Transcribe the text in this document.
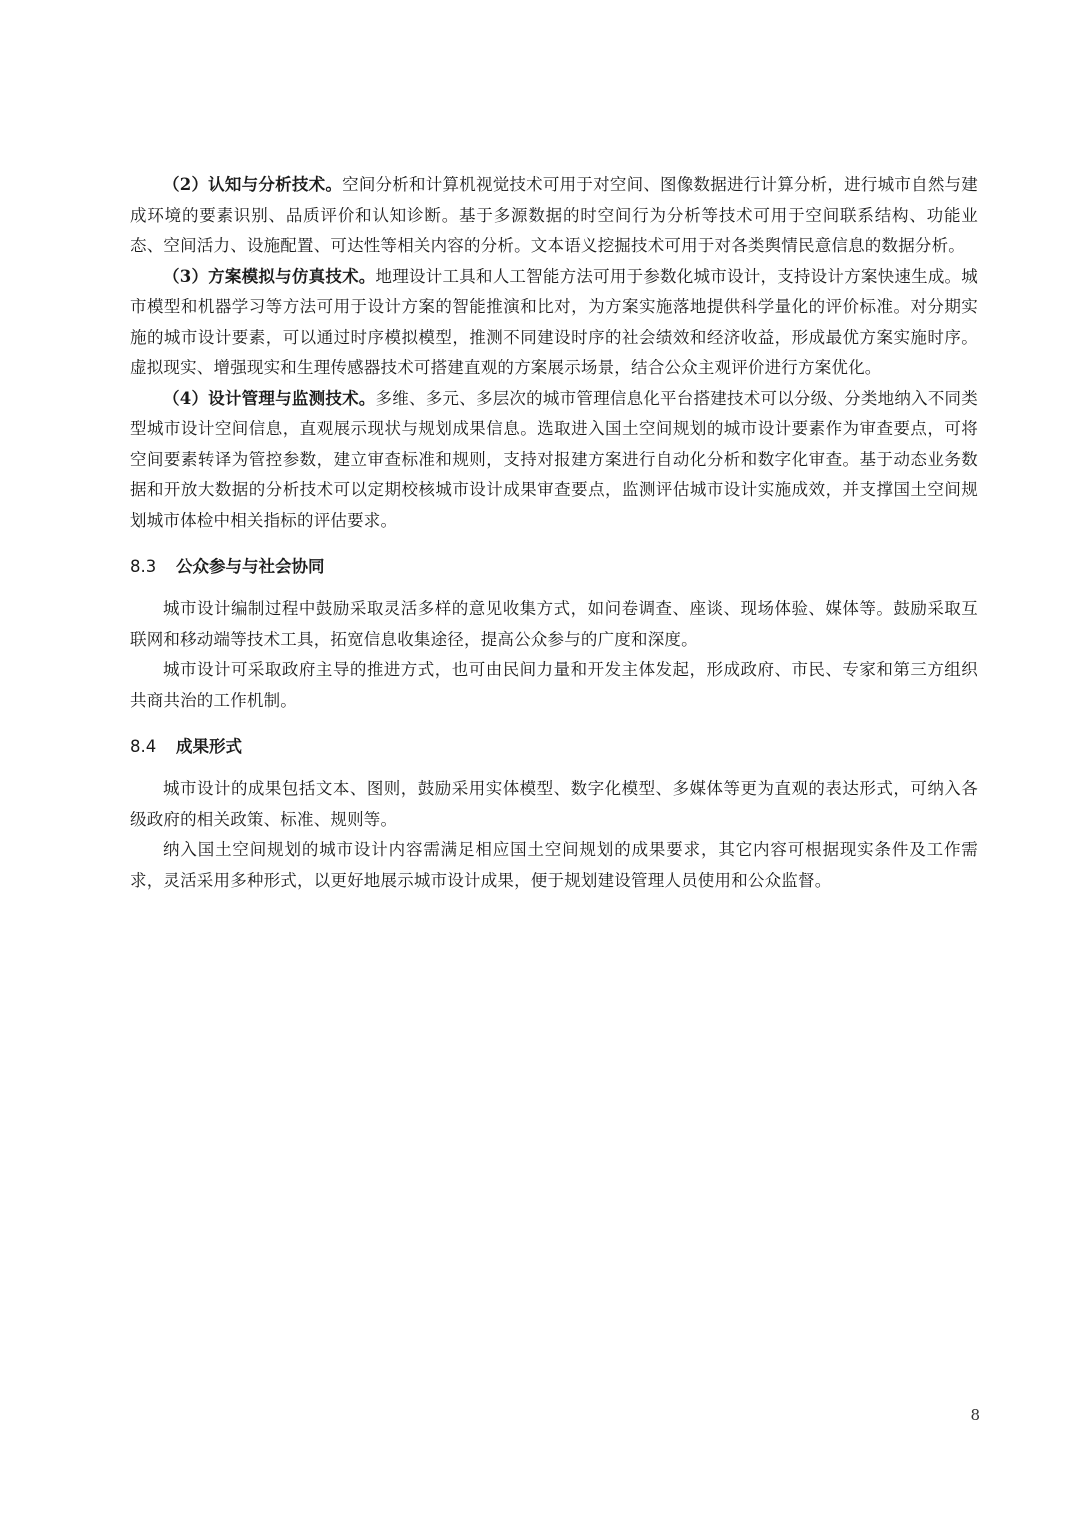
（2）认知与分析技术。空间分析和计算机视觉技术可用于对空间、图像数据进行计算分析，进行城市自然与建成环境的要素识别、品质评价和认知诊断。基于多源数据的时空间行为分析等技术可用于空间联系结构、功能业态、空间活力、设施配置、可达性等相关内容的分析。文本语义挖掘技术可用于对各类舆情民意信息的数据分析。

（3）方案模拟与仿真技术。地理设计工具和人工智能方法可用于参数化城市设计，支持设计方案快速生成。城市模型和机器学习等方法可用于设计方案的智能推演和比对，为方案实施落地提供科学量化的评价标准。对分期实施的城市设计要素，可以通过时序模拟模型，推测不同建设时序的社会绩效和经济收益，形成最优方案实施时序。虚拟现实、增强现实和生理传感器技术可搭建直观的方案展示场景，结合公众主观评价进行方案优化。

（4）设计管理与监测技术。多维、多元、多层次的城市管理信息化平台搭建技术可以分级、分类地纳入不同类型城市设计空间信息，直观展示现状与规划成果信息。选取进入国土空间规划的城市设计要素作为审查要点，可将空间要素转译为管控参数，建立审查标准和规则，支持对报建方案进行自动化分析和数字化审查。基于动态业务数据和开放大数据的分析技术可以定期校核城市设计成果审查要点，监测评估城市设计实施成效，并支撑国土空间规划城市体检中相关指标的评估要求。

8.3 公众参与与社会协同

城市设计编制过程中鼓励采取灵活多样的意见收集方式，如问卷调查、座谈、现场体验、媒体等。鼓励采取互联网和移动端等技术工具，拓宽信息收集途径，提高公众参与的广度和深度。

城市设计可采取政府主导的推进方式，也可由民间力量和开发主体发起，形成政府、市民、专家和第三方组织共商共治的工作机制。

8.4 成果形式

城市设计的成果包括文本、图则，鼓励采用实体模型、数字化模型、多媒体等更为直观的表达形式，可纳入各级政府的相关政策、标准、规则等。

纳入国土空间规划的城市设计内容需满足相应国土空间规划的成果要求，其它内容可根据现实条件及工作需求，灵活采用多种形式，以更好地展示城市设计成果，便于规划建设管理人员使用和公众监督。

8
